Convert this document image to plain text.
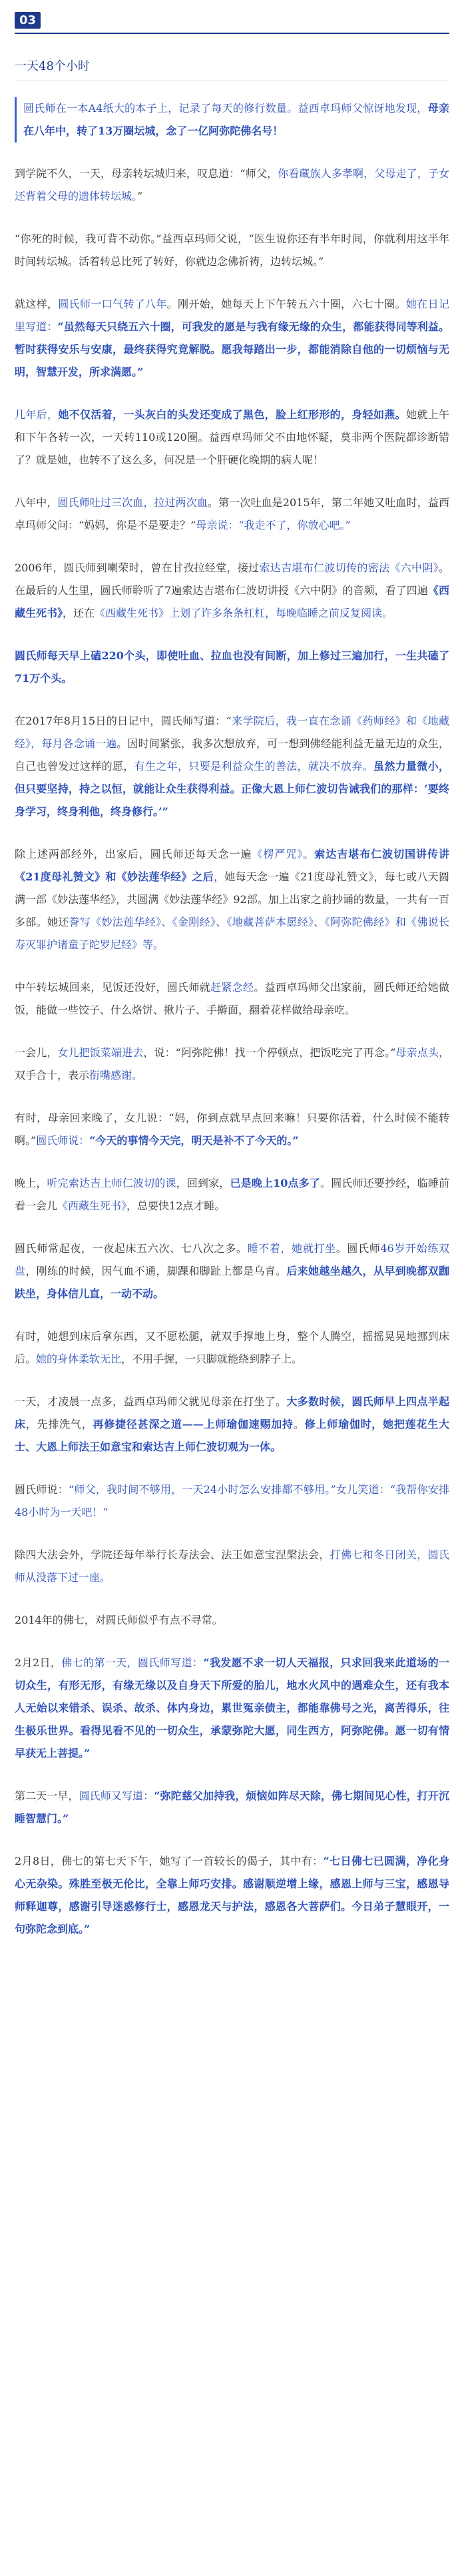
03
一天48个小时

圆氏师在一本A4纸大的本子上，记录了每天的修行数量。益西卓玛师父惊讶地发现，母亲在八年中，转了13万圈坛城，念了一亿阿弥陀佛名号！

到学院不久，一天，母亲转坛城归来，叹息道：“师父，你看藏族人多孝啊，父母走了，子女还背着父母的遗体转坛城。”

“你死的时候，我可背不动你。”益西卓玛师父说，“医生说你还有半年时间，你就利用这半年时间转坛城。活着转总比死了转好，你就边念佛祈祷，边转坛城。”

就这样，圆氏师一口气转了八年。刚开始，她每天上下午转五六十圈，六七十圈。她在日记里写道：“虽然每天只绕五六十圈，可我发的愿是与我有缘无缘的众生，都能获得同等利益。暂时获得安乐与安康，最终获得究竟解脱。愿我每踏出一步，都能消除自他的一切烦恼与无明，智慧开发，所求满愿。”

几年后，她不仅活着，一头灰白的头发还变成了黑色，脸上红形形的，身轻如燕。她就上午和下午各转一次，一天转110或120圈。益西卓玛师父不由地怀疑，莫非两个医院都诊断错了？就是她，也转不了这么多，何况是一个肝硬化晚期的病人呢！

八年中，圆氏师吐过三次血，拉过两次血。第一次吐血是2015年，第二年她又吐血时，益西卓玛师父问：“妈妈，你是不是要走？”母亲说：“我走不了，你放心吧。”

2006年，圆氏师到喇荣时，曾在甘孜拉经堂，接过索达吉堪布仁波切传的密法《六中阴》。在最后的人生里，圆氏师聆听了7遍索达吉堪布仁波切讲授《六中阴》的音频，看了四遍《西藏生死书》，还在《西藏生死书》上划了许多条条杠杠，每晚临睡之前反复阅读。

圆氏师每天早上磕220个头，即使吐血、拉血也没有间断，加上修过三遍加行，一生共磕了71万个头。

在2017年8月15日的日记中，圆氏师写道：“来学院后，我一直在念诵《药师经》和《地藏经》，每月各念诵一遍。因时间紧张，我多次想放弃，可一想到佛经能利益无量无边的众生，自己也曾发过这样的愿，有生之年，只要是利益众生的善法，就决不放弃。虽然力量微小，但只要坚持，持之以恒，就能让众生获得利益。正像大恩上师仁波切告诫我们的那样：‘要终身学习，终身利他，终身修行。’”

除上述两部经外，出家后，圆氏师还每天念一遍《楞严咒》。索达吉堪布仁波切国讲传讲《21度母礼赞文》和《妙法莲华经》之后，她每天念一遍《21度母礼赞文》，每七或八天圆满一部《妙法莲华经》，共圆满《妙法莲华经》92部。加上出家之前抄诵的数量，一共有一百多部。她还誊写《妙法莲华经》、《金刚经》、《地藏菩萨本愿经》、《阿弥陀佛经》和《佛说长寿灭罪护诸童子陀罗尼经》等。

中午转坛城回来，见饭还没好，圆氏师就赶紧念经。益西卓玛师父出家前，圆氏师还给她做饭，能做一些饺子、什么烙饼、揪片子、手擀面，翻着花样做给母亲吃。

一会儿，女儿把饭菜端进去，说：“阿弥陀佛！找一个停顿点，把饭吃完了再念。”母亲点头，双手合十，表示衔嘴感谢。

有时，母亲回来晚了，女儿说：“妈，你到点就早点回来嘛！只要你活着，什么时候不能转啊。”圆氏师说：“今天的事情今天完，明天是补不了今天的。”

晚上，听完索达吉上师仁波切的课，回到家，已是晚上10点多了。圆氏师还要抄经，临睡前看一会儿《西藏生死书》，总要快12点才睡。

圆氏师常起夜，一夜起床五六次、七八次之多。睡不着，她就打坐。圆氏师46岁开始练双盘，刚练的时候，因气血不通，脚踝和脚趾上都是乌青。后来她越坐越久，从早到晚都双跏趺坐，身体信儿直，一动不动。

有时，她想到床后拿东西，又不愿松腿，就双手撑地上身，整个人腾空，摇摇晃晃地挪到床后。她的身体柔软无比，不用手握，一只脚就能绕到脖子上。

一天，才凌晨一点多，益西卓玛师父就见母亲在打坐了。大多数时候，圆氏师早上四点半起床，先排洗气，再修捷径甚深之道——上师瑜伽速赐加持。修上师瑜伽时，她把莲花生大士、大恩上师法王如意宝和索达吉上师仁波切观为一体。

圆氏师说：“师父，我时间不够用，一天24小时怎么安排都不够用。”女儿笑道：“我帮你安排48小时为一天吧！”

除四大法会外，学院还每年举行长寿法会、法王如意宝涅槃法会，打佛七和冬日闭关，圆氏师从没落下过一座。

2014年的佛七，对圆氏师似乎有点不寻常。

2月2日，佛七的第一天，圆氏师写道：“我发愿不求一切人天福报，只求回我来此道场的一切众生，有形无形，有缘无缘以及自身天下所爱的胎儿，地水火风中的遇难众生，还有我本人无始以来错杀、误杀、故杀、体内身边，累世冤亲债主，都能靠佛号之光，离苦得乐，往生极乐世界。看得见看不见的一切众生，承蒙弥陀大愿，同生西方，阿弥陀佛。愿一切有情早获无上菩提。”

第二天一早，圆氏师又写道：“弥陀慈父加持我，烦恼如阵尽天除，佛七期间见心性，打开沉睡智慧门。”

2月8日，佛七的第七天下午，她写了一首较长的偈子，其中有：“七日佛七已圆满，净化身心无杂染。殊胜至极无伦比，全靠上师巧安排。感谢顺逆增上缘，感恩上师与三宝，感恩导师释迦尊，感谢引导迷惑修行士，感恩龙天与护法，感恩各大菩萨们。今日弟子慧眼开，一句弥陀念到底。”
